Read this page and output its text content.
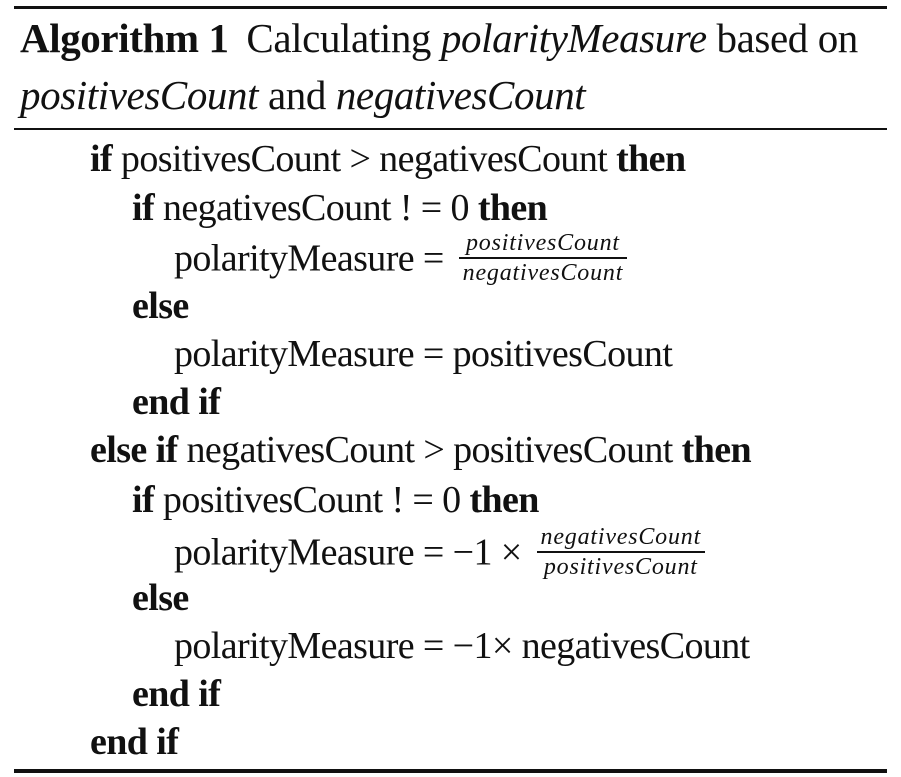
Algorithm 1 Calculating polarityMeasure based on
positivesCount and negativesCount
if positivesCount > negativesCount then
if negativesCount ! = 0 then
polarityMeasure = $\frac{\text{positivesCount}}{\text{negativesCount}}$
else
polarityMeasure = positivesCount
end if
else if negativesCount > positivesCount then
if positivesCount ! = 0 then
polarityMeasure = $-1 \times \frac{\text{negativesCount}}{\text{positivesCount}}$
else
polarityMeasure = −1× negativesCount
end if
end if
